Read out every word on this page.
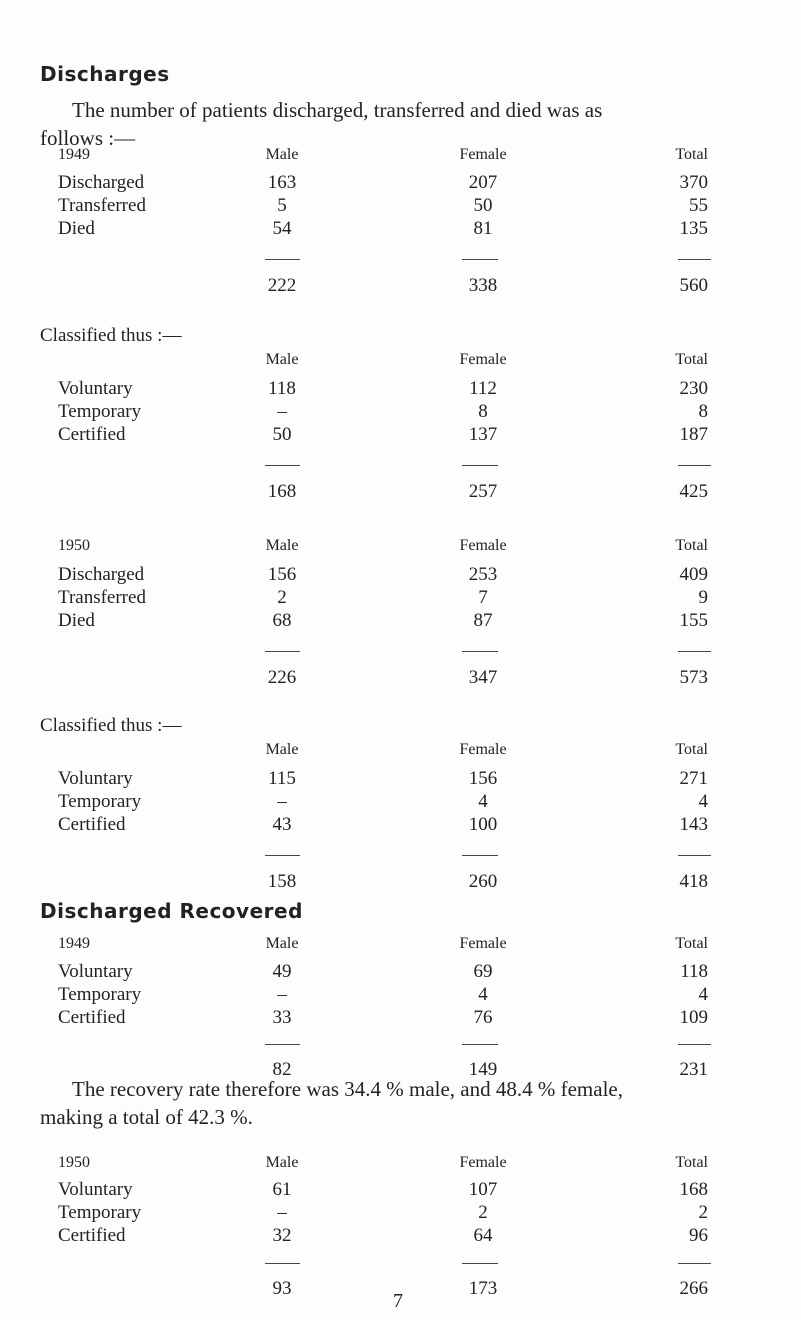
Discharges

The number of patients discharged, transferred and died was as
follows :—

1949	Male	Female	Total
Discharged	163	207	370
Transferred	5	50	55
Died	54	81	135
222	338	560
Classified thus :—
Male	Female	Total
Voluntary	118	112	230
Temporary	–	8	8
Certified	50	137	187
168	257	425
1950	Male	Female	Total
Discharged	156	253	409
Transferred	2	7	9
Died	68	87	155
226	347	573
Classified thus :—
Male	Female	Total
Voluntary	115	156	271
Temporary	–	4	4
Certified	43	100	143
158	260	418
Discharged Recovered
1949	Male	Female	Total
Voluntary	49	69	118
Temporary	–	4	4
Certified	33	76	109
82	149	231

The recovery rate therefore was 34.4 % male, and 48.4 % female,
making a total of 42.3 %.

1950	Male	Female	Total
Voluntary	61	107	168
Temporary	–	2	2
Certified	32	64	96
93	173	266
7
